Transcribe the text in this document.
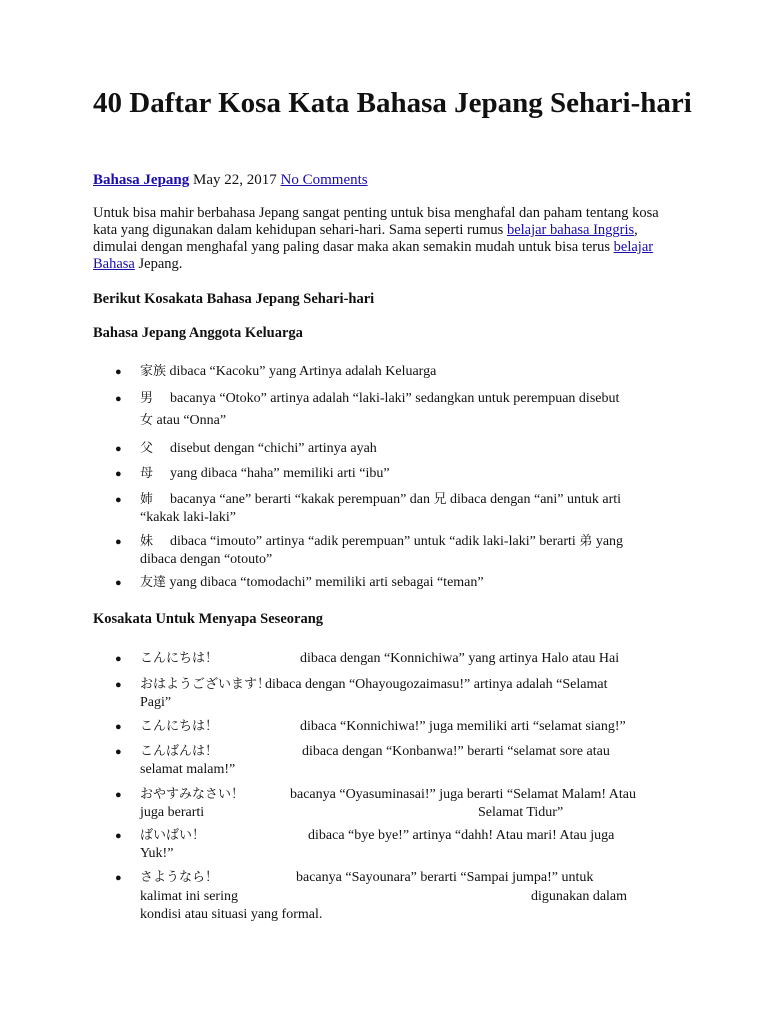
40 Daftar Kosa Kata Bahasa Jepang Sehari-hari

Bahasa Jepang May 22, 2017 No Comments

Untuk bisa mahir berbahasa Jepang sangat penting untuk bisa menghafal dan paham tentang kosa kata yang digunakan dalam kehidupan sehari-hari. Sama seperti rumus belajar bahasa Inggris, dimulai dengan menghafal yang paling dasar maka akan semakin mudah untuk bisa terus belajar Bahasa Jepang.

Berikut Kosakata Bahasa Jepang Sehari-hari

Bahasa Jepang Anggota Keluarga

● 家族 dibaca “Kacoku” yang Artinya adalah Keluarga
● 男 bacanya “Otoko” artinya adalah “laki-laki” sedangkan untuk perempuan disebut
女 atau “Onna”
● 父 disebut dengan “chichi” artinya ayah
● 母 yang dibaca “haha” memiliki arti “ibu”
● 姉 bacanya “ane” berarti “kakak perempuan” dan 兄 dibaca dengan “ani” untuk arti
“kakak laki-laki”
● 妹 dibaca “imouto” artinya “adik perempuan” untuk “adik laki-laki” berarti 弟 yang
dibaca dengan “otouto”
● 友達 yang dibaca “tomodachi” memiliki arti sebagai “teman”

Kosakata Untuk Menyapa Seseorang

● こんにちは！	dibaca dengan “Konnichiwa” yang artinya Halo atau Hai
● おはようございます！
dibaca dengan “Ohayougozaimasu!” artinya adalah “Selamat
Pagi”
● こんにちは！	dibaca “Konnichiwa!” juga memiliki arti “selamat siang!”
● こんばんは！	dibaca dengan “Konbanwa!” berarti “selamat sore atau
selamat malam!”
● おやすみなさい！	bacanya “Oyasuminasai!” juga berarti “Selamat Malam! Atau
juga berarti	Selamat Tidur”
● ばいばい！	dibaca “bye bye!” artinya “dahh! Atau mari! Atau juga
Yuk!”
● さようなら！	bacanya “Sayounara” berarti “Sampai jumpa!” untuk
kalimat ini sering	digunakan dalam
kondisi atau situasi yang formal.
